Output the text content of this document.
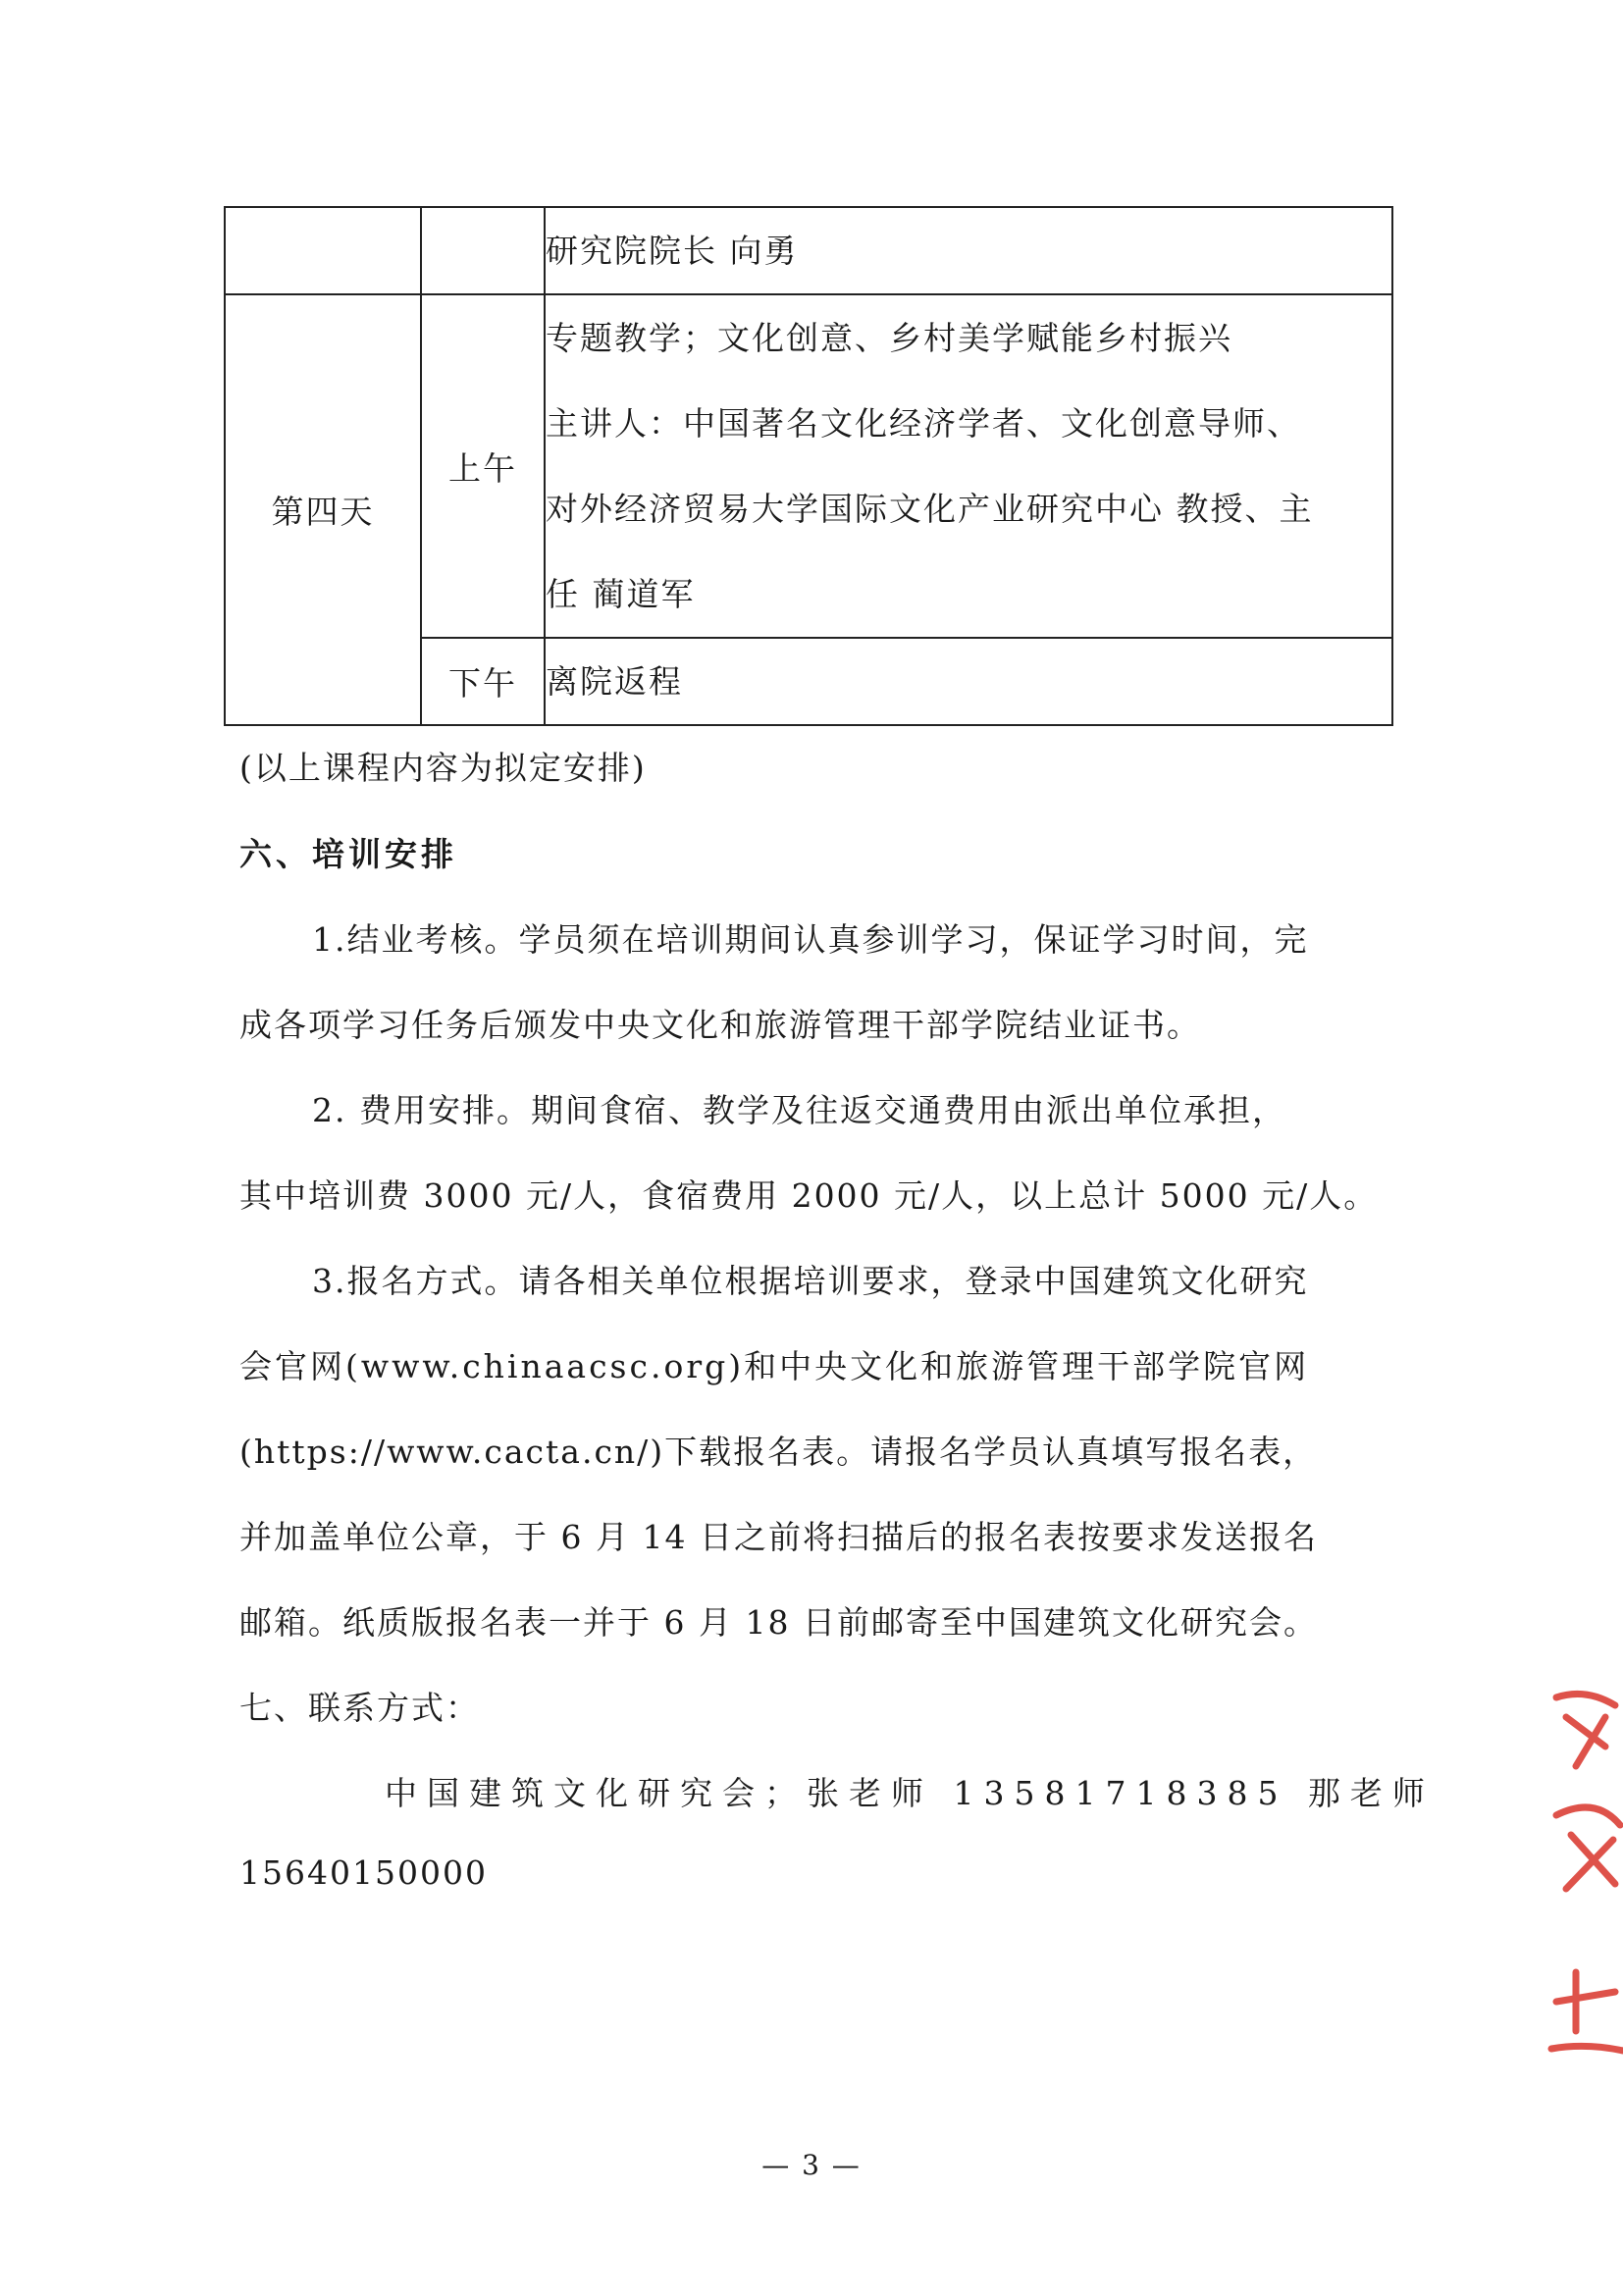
		研究院院长 向勇

第四天	上午	专题教学；文化创意、乡村美学赋能乡村振兴
主讲人：中国著名文化经济学者、文化创意导师、
对外经济贸易大学国际文化产业研究中心 教授、主
任 蔺道军

	下午	离院返程
(以上课程内容为拟定安排)
六、培训安排
1.结业考核。学员须在培训期间认真参训学习，保证学习时间，完
成各项学习任务后颁发中央文化和旅游管理干部学院结业证书。
2. 费用安排。期间食宿、教学及往返交通费用由派出单位承担，
其中培训费 3000 元/人，食宿费用 2000 元/人，以上总计 5000 元/人。
3.报名方式。请各相关单位根据培训要求，登录中国建筑文化研究
会官网(www.chinaacsc.org)和中央文化和旅游管理干部学院官网
(https://www.cacta.cn/)下载报名表。请报名学员认真填写报名表，
并加盖单位公章，于 6 月 14 日之前将扫描后的报名表按要求发送报名
邮箱。纸质版报名表一并于 6 月 18 日前邮寄至中国建筑文化研究会。
七、联系方式：
中国建筑文化研究会；张老师 13581718385 那老师
15640150000
— 3 —
